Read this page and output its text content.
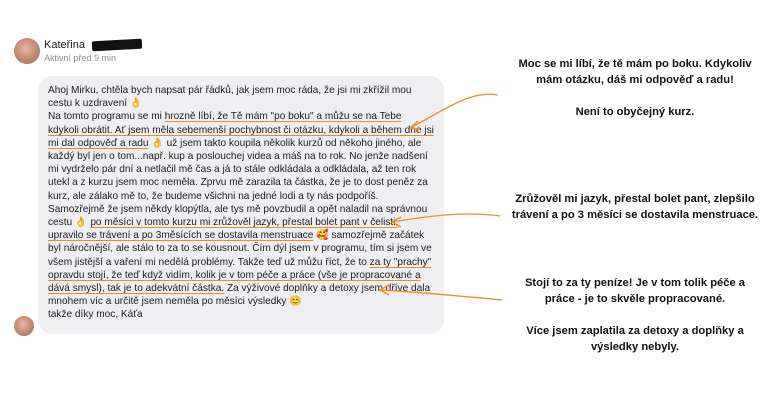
Kateřina
Aktivní před 9 min

Ahoj Mirku, chtěla bych napsat pár řádků, jak jsem moc ráda, že jsi mi zkřížil mou cestu k uzdravení 👌

Na tomto programu se mi hrozně líbí, že Tě mám "po boku" a můžu se na Tebe kdykoli obrátit. Ať jsem měla sebemenší pochybnost či otázku, kdykoli a během dne jsi mi dal odpověď a radu 👌 už jsem takto koupila několik kurzů od někoho jiného, ale každý byl jen o tom...např. kup a poslouchej videa a máš na to rok. No jenže nadšení mi vydrželo pár dní a netlačil mě čas a já to stále odkládala a odkládala, až ten rok utekl a z kurzu jsem moc neměla. Zprvu mě zarazila ta částka, že je to dost peněz za kurz, ale zálako mě to, že budeme všichni na jedné lodi a ty nás podpoříš.

Samozřejmě že jsem někdy klopýtla, ale tys mě povzbudil a opět naladil na správnou cestu 👌 po měsíci v tomto kurzu mi zrůžověl jazyk, přestal bolet pant v čelisti, upravilo se trávení a po 3měsících se dostavila menstruace 🥰 samozřejmě začátek byl náročnější, ale stálo to za to se kousnout. Čím dýl jsem v programu, tím si jsem ve všem jistější a vaření mi nedělá problémy. Takže teď už můžu říct, že to za ty "prachy" opravdu stojí, že teď když vidím, kolik je v tom péče a práce (vše je propracované a dává smysl), tak je to adekvátní částka. Za výživové doplňky a detoxy jsem dříve dala mnohem víc a určitě jsem neměla po měsíci výsledky 😊

takže díky moc, Káťa

Moc se mi líbí, že tě mám po boku. Kdykoliv mám otázku, dáš mi odpověď a radu!

Není to obyčejný kurz.

Zrůžověl mi jazyk, přestal bolet pant, zlepšilo trávení a po 3 měsíci se dostavila menstruace.

Stojí to za ty peníze! Je v tom tolik péče a práce - je to skvěle propracované.

Více jsem zaplatila za detoxy a doplňky a výsledky nebyly.
